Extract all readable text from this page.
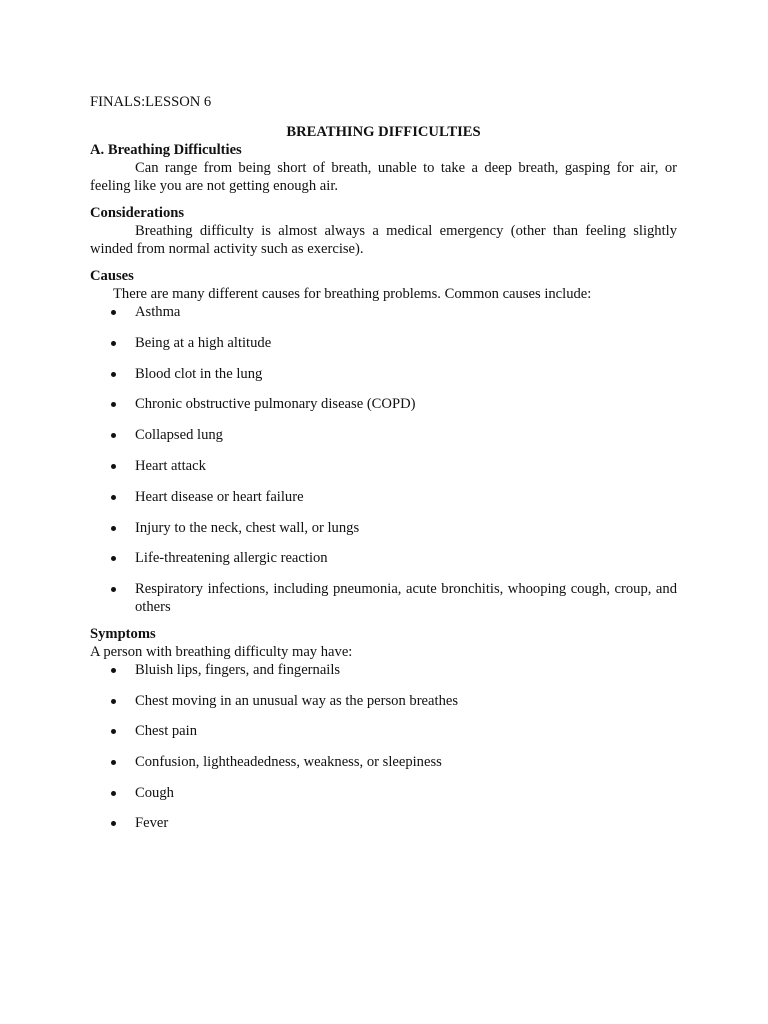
FINALS:LESSON 6

BREATHING DIFFICULTIES

A. Breathing Difficulties

Can range from being short of breath, unable to take a deep breath, gasping for air, or feeling like you are not getting enough air.

Considerations

Breathing difficulty is almost always a medical emergency (other than feeling slightly winded from normal activity such as exercise).

Causes

There are many different causes for breathing problems. Common causes include:

Asthma
Being at a high altitude
Blood clot in the lung
Chronic obstructive pulmonary disease (COPD)
Collapsed lung
Heart attack
Heart disease or heart failure
Injury to the neck, chest wall, or lungs
Life-threatening allergic reaction
Respiratory infections, including pneumonia, acute bronchitis, whooping cough, croup, and others

Symptoms

A person with breathing difficulty may have:

Bluish lips, fingers, and fingernails
Chest moving in an unusual way as the person breathes
Chest pain
Confusion, lightheadedness, weakness, or sleepiness
Cough
Fever
